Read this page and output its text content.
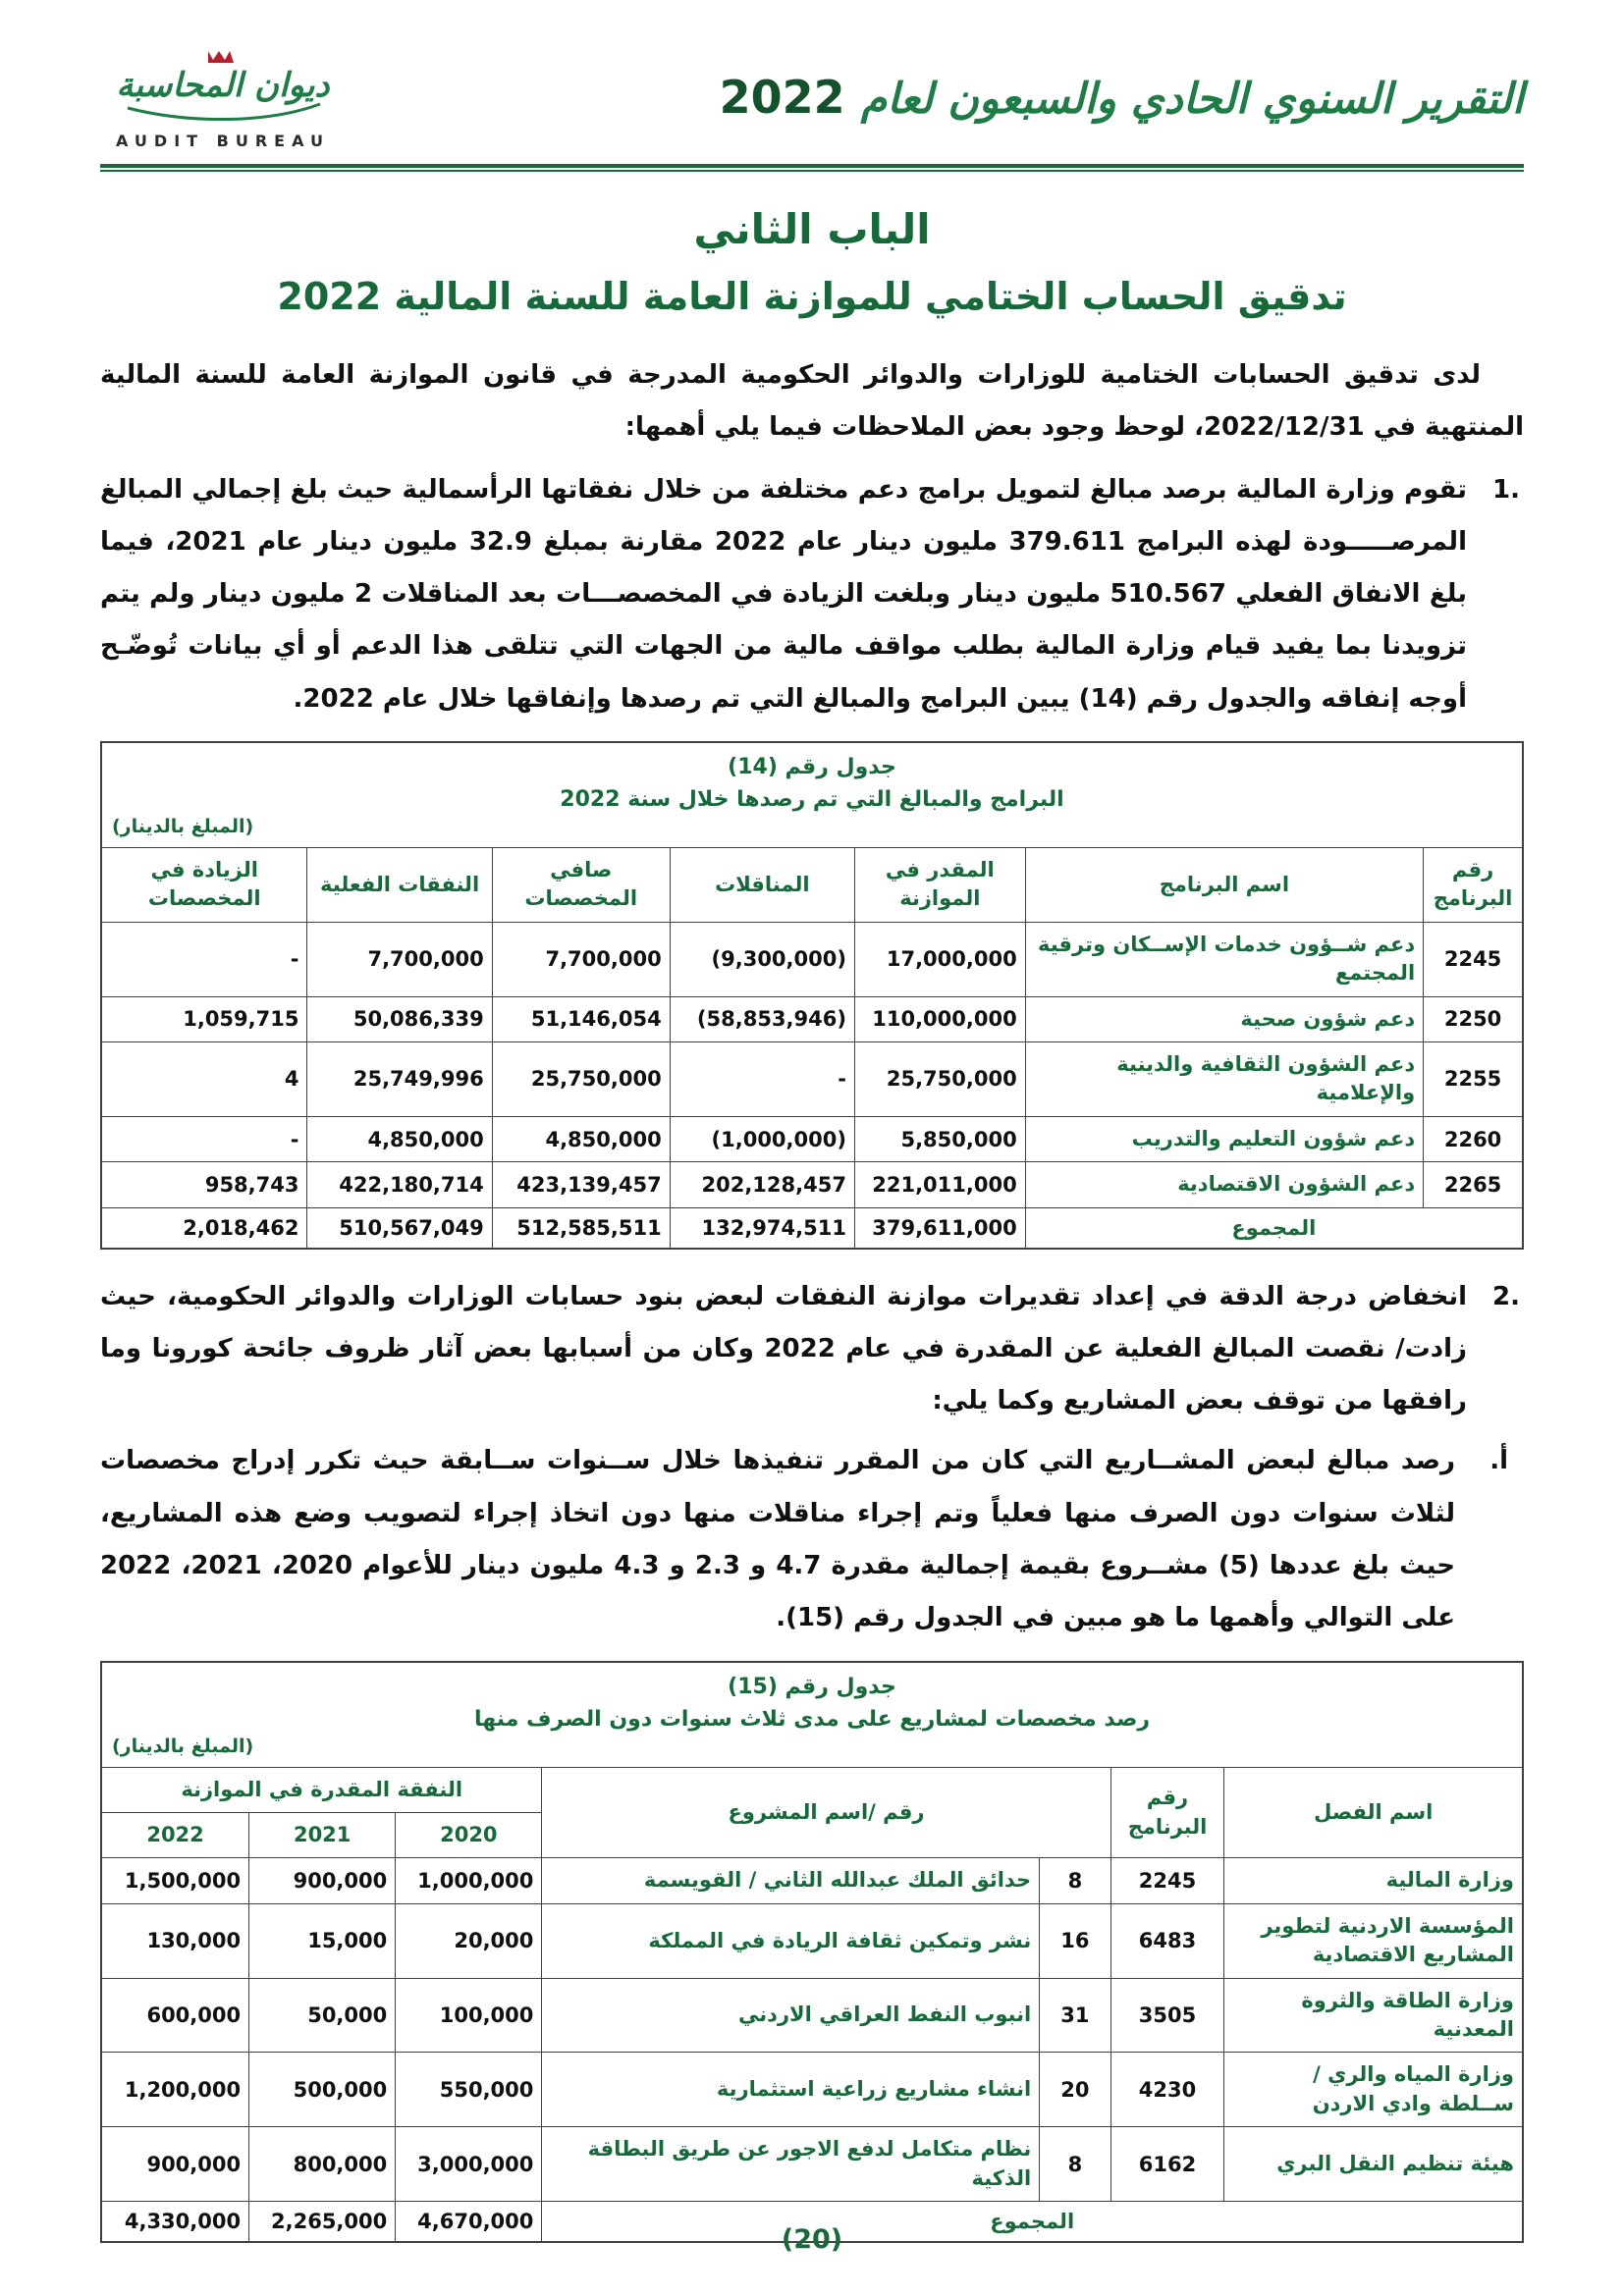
التقرير السنوي الحادي والسبعون لعام
2022
ديوان المحاسبة
AUDIT BUREAU
الباب الثاني
تدقيق الحساب الختامي للموازنة العامة للسنة المالية 2022
لدى تدقيق الحسابات الختامية للوزارات والدوائر الحكومية المدرجة في قانون الموازنة العامة للسنة المالية المنتهية في 2022/12/31، لوحظ وجود بعض الملاحظات فيما يلي أهمها:
1.
تقوم وزارة المالية برصد مبالغ لتمويل برامج دعم مختلفة من خلال نفقاتها الرأسمالية حيث بلغ إجمالي المبالغ المرصـــــودة لهذه البرامج 379.611 مليون دينار عام 2022 مقارنة بمبلغ 32.9 مليون دينار عام 2021، فيما بلغ الانفاق الفعلي 510.567 مليون دينار وبلغت الزيادة في المخصصـــات بعد المناقلات 2 مليون دينار ولم يتم تزويدنا بما يفيد قيام وزارة المالية بطلب مواقف مالية من الجهات التي تتلقى هذا الدعم أو أي بيانات تُوضّـح أوجه إنفاقه والجدول رقم (14) يبين البرامج والمبالغ التي تم رصدها وإنفاقها خلال عام 2022.
جدول رقم (14)
البرامج والمبالغ التي تم رصدها خلال سنة 2022
(المبلغ بالدينار)						

رقم البرنامج	اسم البرنامج	المقدر في الموازنة	المناقلات	صافي المخصصات	النفقات الفعلية	الزيادة في المخصصات
2245	دعم شــؤون خدمات الإســكان وترقية المجتمع	17,000,000	(9,300,000)	7,700,000	7,700,000	-
2250	دعم شؤون صحية	110,000,000	(58,853,946)	51,146,054	50,086,339	1,059,715
2255	دعم الشؤون الثقافية والدينية والإعلامية	25,750,000	-	25,750,000	25,749,996	4
2260	دعم شؤون التعليم والتدريب	5,850,000	(1,000,000)	4,850,000	4,850,000	-
2265	دعم الشؤون الاقتصادية	221,011,000	202,128,457	423,139,457	422,180,714	958,743
المجموع		379,611,000	132,974,511	512,585,511	510,567,049	2,018,462
2.
انخفاض درجة الدقة في إعداد تقديرات موازنة النفقات لبعض بنود حسابات الوزارات والدوائر الحكومية، حيث زادت/ نقصت المبالغ الفعلية عن المقدرة في عام 2022 وكان من أسبابها بعض آثار ظروف جائحة كورونا وما رافقها من توقف بعض المشاريع وكما يلي:
أ.
رصد مبالغ لبعض المشــاريع التي كان من المقرر تنفيذها خلال ســنوات ســابقة حيث تكرر إدراج مخصصات لثلاث سنوات دون الصرف منها فعلياً وتم إجراء مناقلات منها دون اتخاذ إجراء لتصويب وضع هذه المشاريع، حيث بلغ عددها (5) مشــروع بقيمة إجمالية مقدرة 4.7 و 2.3 و 4.3 مليون دينار للأعوام 2020، 2021، 2022 على التوالي وأهمها ما هو مبين في الجدول رقم (15).
جدول رقم (15)
رصد مخصصات لمشاريع على مدى ثلاث سنوات دون الصرف منها
(المبلغ بالدينار)						

اسم الفصل	رقم البرنامج	رقم /اسم المشروع		النفقة المقدرة في الموازنة		
				2020	2021	2022
وزارة المالية	2245	8	حدائق الملك عبدالله الثاني / القويسمة	1,000,000	900,000	1,500,000
المؤسسة الاردنية لتطوير المشاريع الاقتصادية	6483	16	نشر وتمكين ثقافة الريادة في المملكة	20,000	15,000	130,000
وزارة الطاقة والثروة المعدنية	3505	31	انبوب النفط العراقي الاردني	100,000	50,000	600,000
وزارة المياه والري / ســلطة وادي الاردن	4230	20	انشاء مشاريع زراعية استثمارية	550,000	500,000	1,200,000
هيئة تنظيم النقل البري	6162	8	نظام متكامل لدفع الاجور عن طريق البطاقة الذكية	3,000,000	800,000	900,000
المجموع				4,670,000	2,265,000	4,330,000
(20)
